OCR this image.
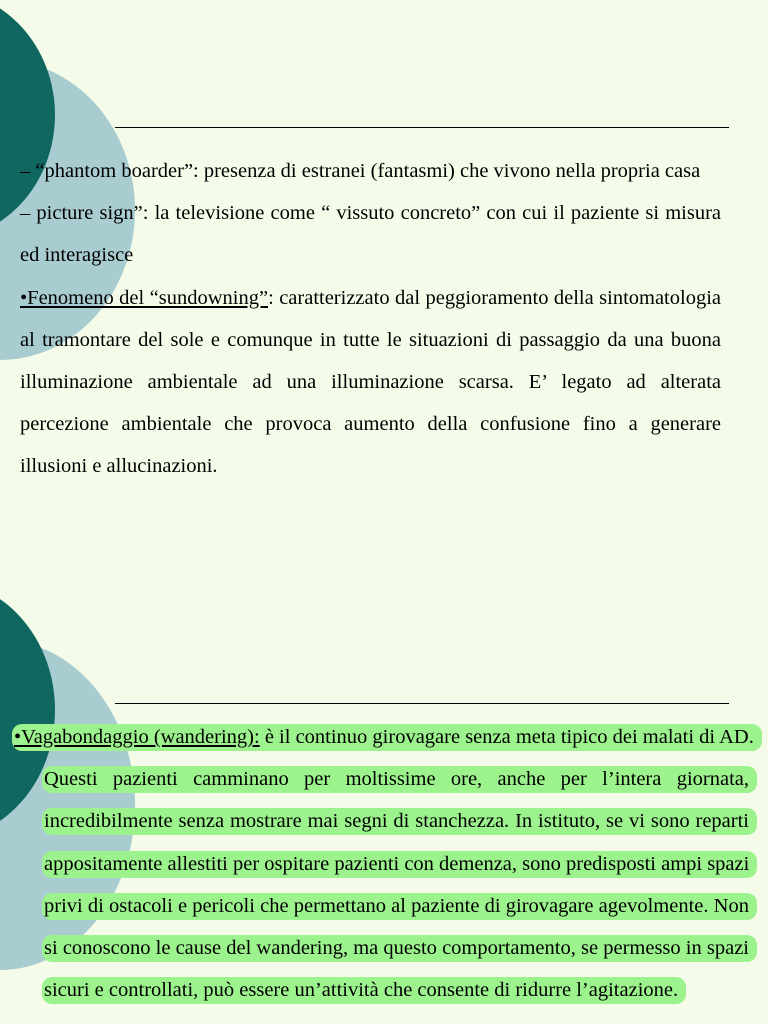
– “phantom boarder”: presenza di estranei (fantasmi) che vivono nella propria casa

– picture sign”: la televisione come “ vissuto concreto” con cui il paziente si misura ed interagisce

•Fenomeno del “sundowning”: caratterizzato dal peggioramento della sintomatologia al tramontare del sole e comunque in tutte le situazioni di passaggio da una buona illuminazione ambientale ad una illuminazione scarsa. E’ legato ad alterata percezione ambientale che provoca aumento della confusione fino a generare illusioni e allucinazioni.

•Vagabondaggio (wandering): è il continuo girovagare senza meta tipico dei malati di AD. Questi pazienti camminano per moltissime ore, anche per l’intera giornata, incredibilmente senza mostrare mai segni di stanchezza. In istituto, se vi sono reparti appositamente allestiti per ospitare pazienti con demenza, sono predisposti ampi spazi privi di ostacoli e pericoli che permettano al paziente di girovagare agevolmente. Non si conoscono le cause del wandering, ma questo comportamento, se permesso in spazi sicuri e controllati, può essere un’attività che consente di ridurre l’agitazione.
